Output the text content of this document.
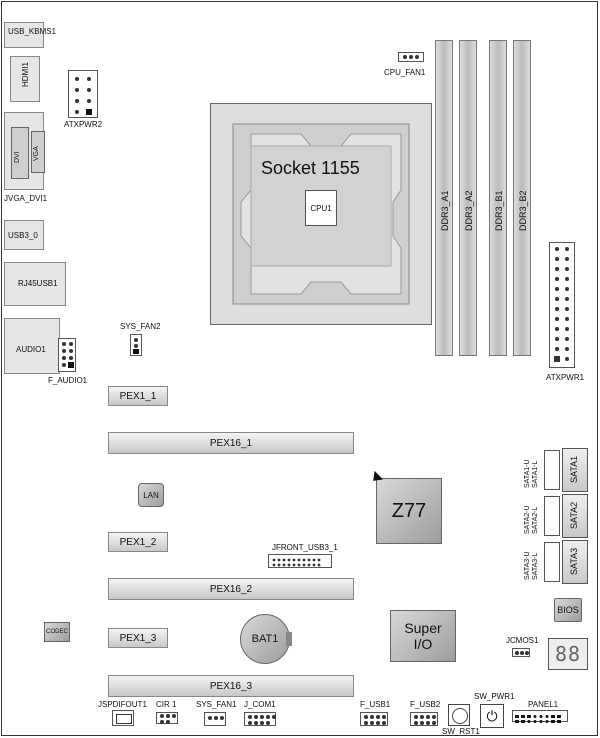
USB_KBMS1
HDMI1
DVI VGA
JVGA_DVI1
USB3_0
RJ45USB1
AUDIO1
ATXPWR2
CPU_FAN1
Socket 1155
CPU1	DDR3_A1 DDR3_A2 DDR3_B1 DDR3_B2
ATXPWR1
SYS_FAN2
F_AUDIO1
PEX1_1
PEX16_1
PEX1_2
PEX16_2
PEX1_3
PEX16_3
LAN
Z77
JFRONT_USB3_1
SATA1-U
SATA1-L	SATA1
SATA2-U
SATA2-L	SATA2
SATA3-U
SATA3-L	SATA3
BIOS
88
CODEC
BAT1
Super I/O	JCMOS1
JSPDIFOUT1 CIR 1 SYS_FAN1 J_COM1	F_USB1 F_USB2
SW_RST1
SW_PWR1
⏻
PANEL1
